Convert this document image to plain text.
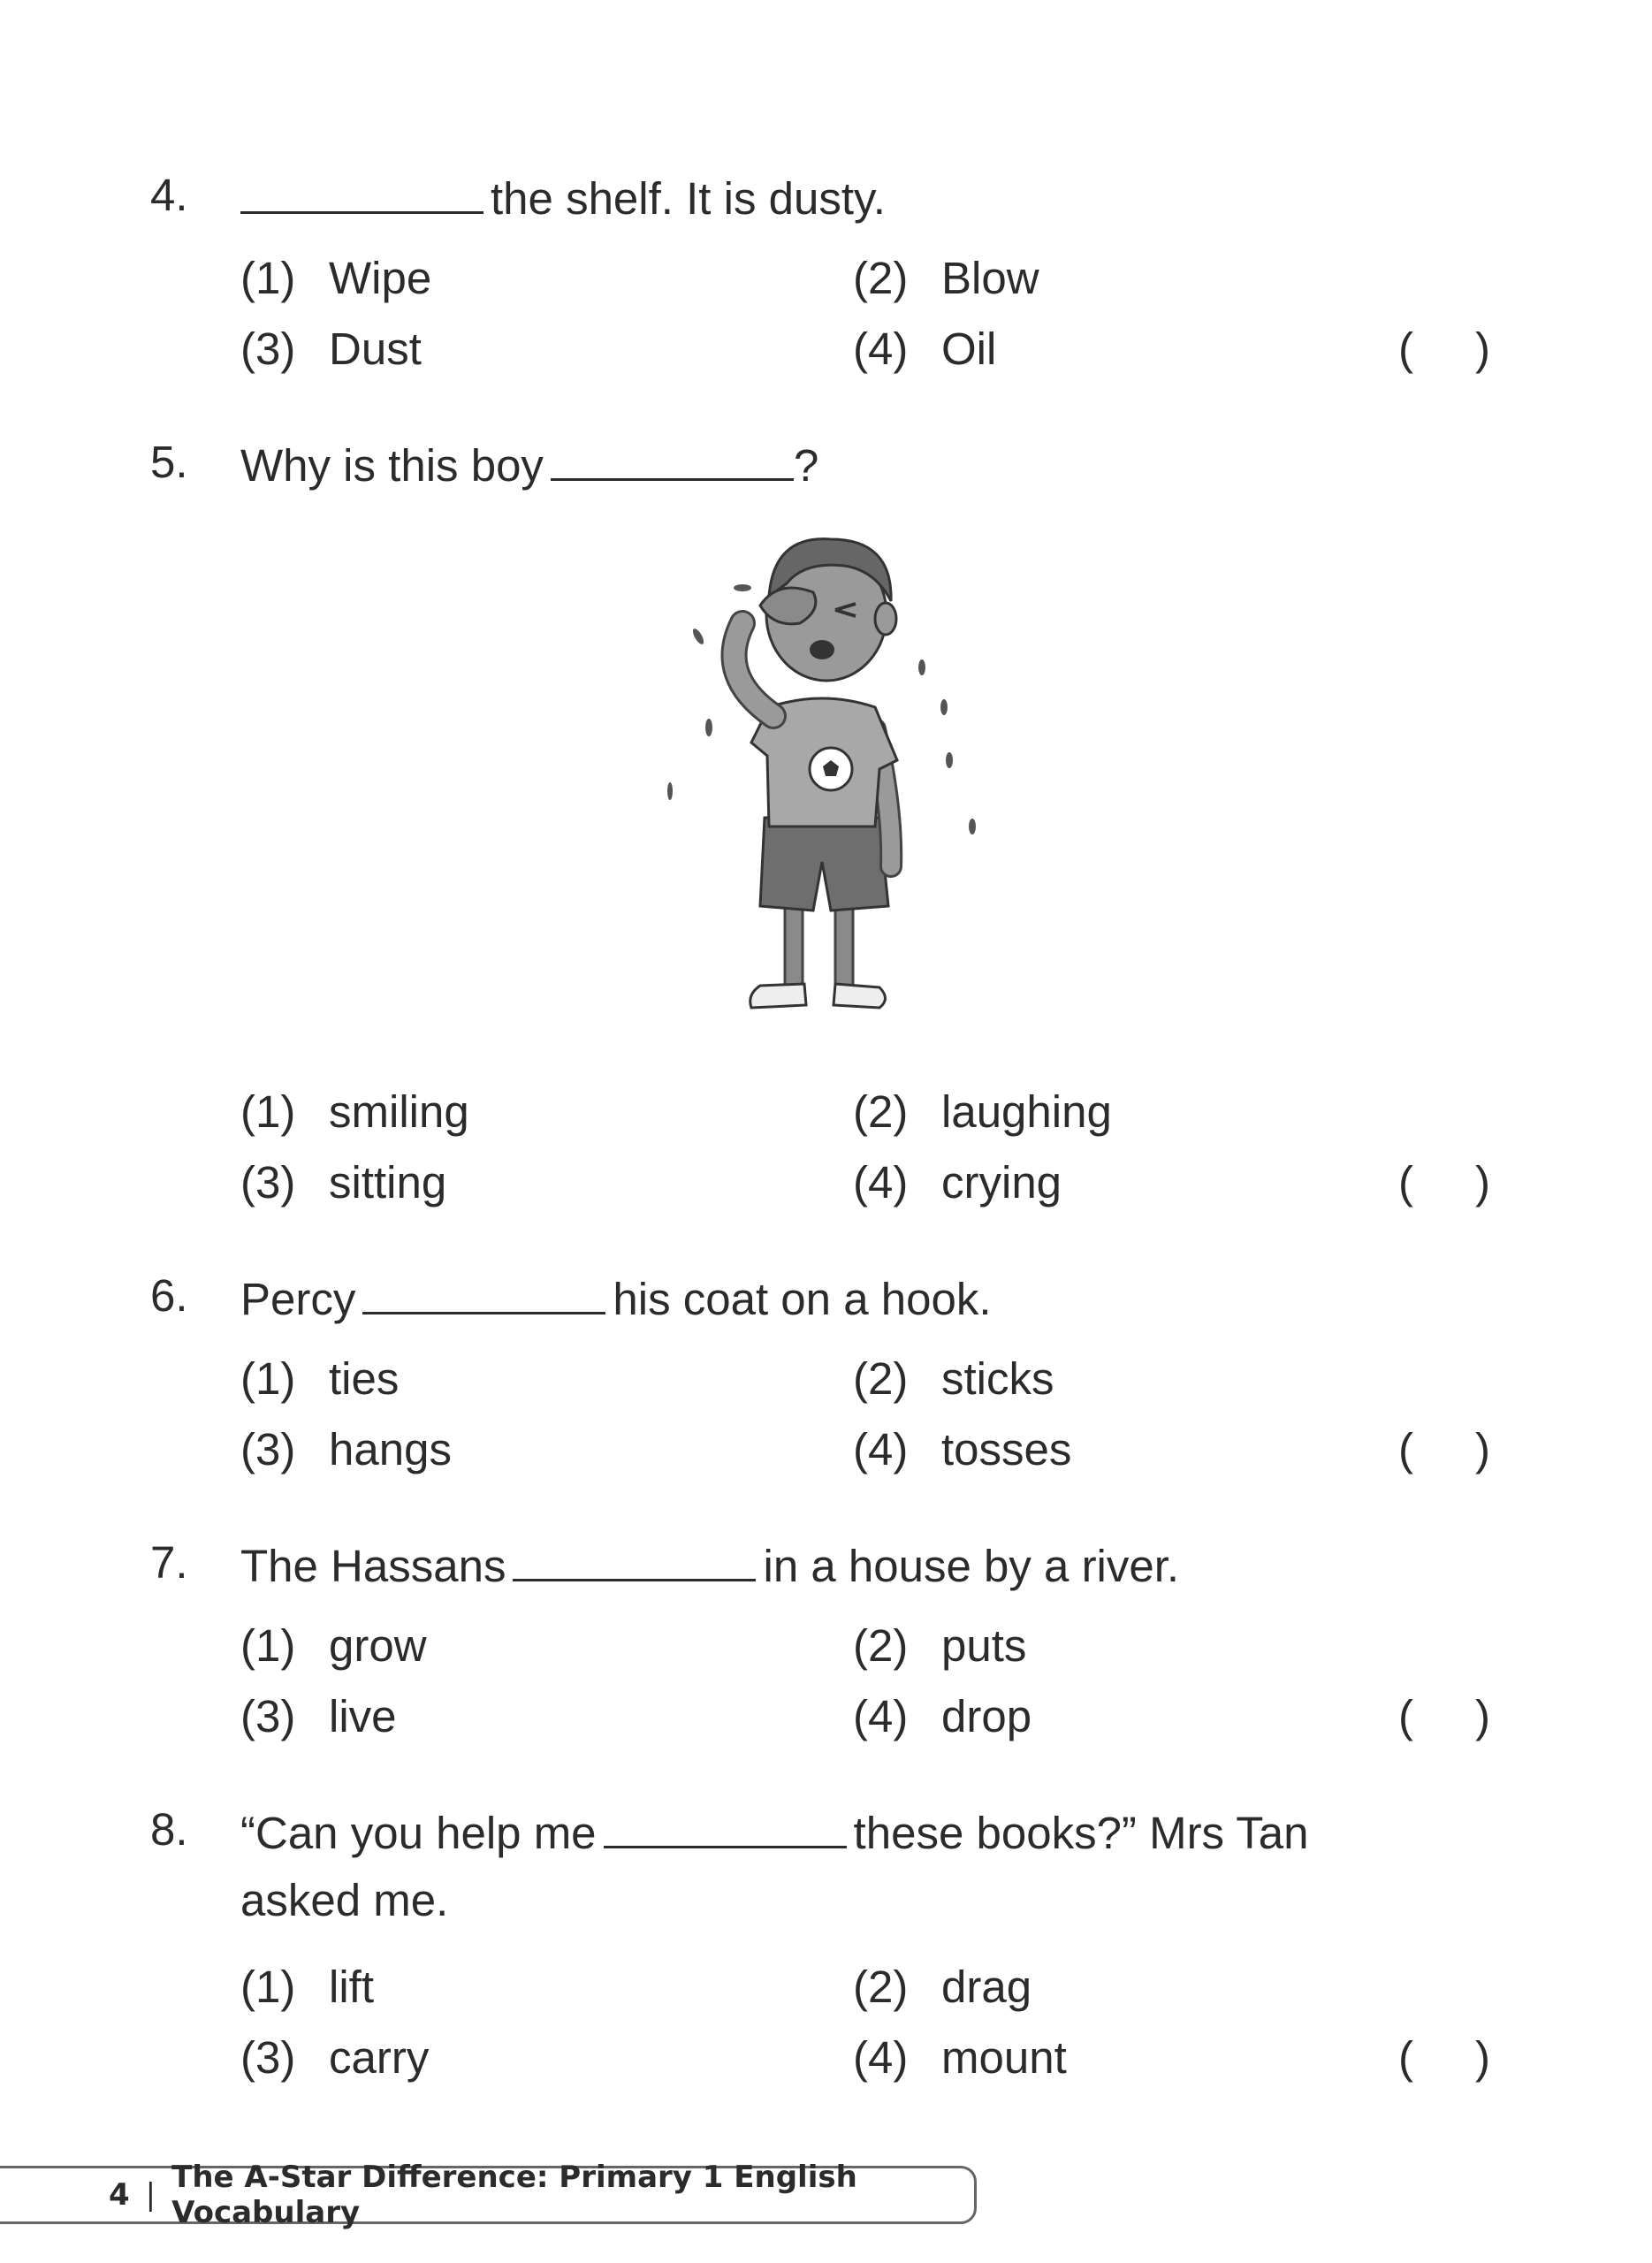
4.	the shelf. It is dusty.
(1) Wipe	(2) Blow
(3) Dust	(4) Oil	( )
5. Why is this boy	?
(1) smiling	(2) laughing
(3) sitting	(4) crying	( )
6. Percy	his coat on a hook.
(1) ties	(2) sticks
(3) hangs	(4) tosses	( )
7. The Hassans	in a house by a river.
(1) grow	(2) puts
(3) live	(4) drop	( )
8. “Can you help me	these books?” Mrs Tan
asked me.
(1) lift	(2) drag
(3) carry	(4) mount	( )
4 | The A-Star Difference: Primary 1 English Vocabulary
